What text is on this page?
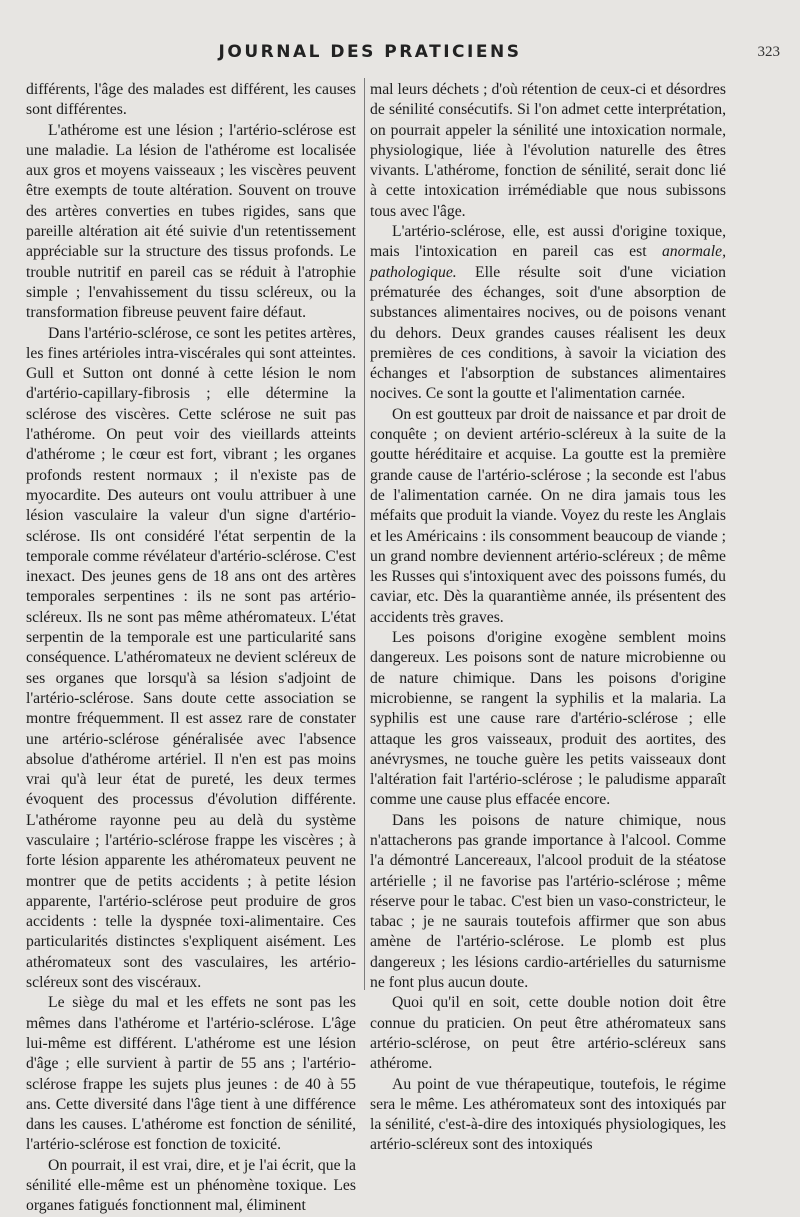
JOURNAL DES PRATICIENS	323

différents, l'âge des malades est différent, les causes sont différentes.

L'athérome est une lésion ; l'artério-sclérose est une maladie. La lésion de l'athérome est localisée aux gros et moyens vaisseaux ; les viscères peuvent être exempts de toute altération. Souvent on trouve des artères converties en tubes rigides, sans que pareille altération ait été suivie d'un retentissement appréciable sur la structure des tissus profonds. Le trouble nutritif en pareil cas se réduit à l'atrophie simple ; l'envahissement du tissu scléreux, ou la transformation fibreuse peuvent faire défaut.

Dans l'artério-sclérose, ce sont les petites artères, les fines artérioles intra-viscérales qui sont atteintes. Gull et Sutton ont donné à cette lésion le nom d'artério-capillary-fibrosis ; elle détermine la sclérose des viscères. Cette sclérose ne suit pas l'athérome. On peut voir des vieillards atteints d'athérome ; le cœur est fort, vibrant ; les organes profonds restent normaux ; il n'existe pas de myocardite. Des auteurs ont voulu attribuer à une lésion vasculaire la valeur d'un signe d'artério-sclérose. Ils ont considéré l'état serpentin de la temporale comme révélateur d'artério-sclérose. C'est inexact. Des jeunes gens de 18 ans ont des artères temporales serpentines : ils ne sont pas artério-scléreux. Ils ne sont pas même athéromateux. L'état serpentin de la temporale est une particularité sans conséquence. L'athéromateux ne devient scléreux de ses organes que lorsqu'à sa lésion s'adjoint de l'artério-sclérose. Sans doute cette association se montre fréquemment. Il est assez rare de constater une artério-sclérose généralisée avec l'absence absolue d'athérome artériel. Il n'en est pas moins vrai qu'à leur état de pureté, les deux termes évoquent des processus d'évolution différente. L'athérome rayonne peu au delà du système vasculaire ; l'artério-sclérose frappe les viscères ; à forte lésion apparente les athéromateux peuvent ne montrer que de petits accidents ; à petite lésion apparente, l'artério-sclérose peut produire de gros accidents : telle la dyspnée toxi-alimentaire. Ces particularités distinctes s'expliquent aisément. Les athéromateux sont des vasculaires, les artério-scléreux sont des viscéraux.

Le siège du mal et les effets ne sont pas les mêmes dans l'athérome et l'artério-sclérose. L'âge lui-même est différent. L'athérome est une lésion d'âge ; elle survient à partir de 55 ans ; l'artério-sclérose frappe les sujets plus jeunes : de 40 à 55 ans. Cette diversité dans l'âge tient à une différence dans les causes. L'athérome est fonction de sénilité, l'artério-sclérose est fonction de toxicité.

On pourrait, il est vrai, dire, et je l'ai écrit, que la sénilité elle-même est un phénomène toxique. Les organes fatigués fonctionnent mal, éliminent

mal leurs déchets ; d'où rétention de ceux-ci et désordres de sénilité consécutifs. Si l'on admet cette interprétation, on pourrait appeler la sénilité une intoxication normale, physiologique, liée à l'évolution naturelle des êtres vivants. L'athérome, fonction de sénilité, serait donc lié à cette intoxication irrémédiable que nous subissons tous avec l'âge.

L'artério-sclérose, elle, est aussi d'origine toxique, mais l'intoxication en pareil cas est anormale, pathologique. Elle résulte soit d'une viciation prématurée des échanges, soit d'une absorption de substances alimentaires nocives, ou de poisons venant du dehors. Deux grandes causes réalisent les deux premières de ces conditions, à savoir la viciation des échanges et l'absorption de substances alimentaires nocives. Ce sont la goutte et l'alimentation carnée.

On est goutteux par droit de naissance et par droit de conquête ; on devient artério-scléreux à la suite de la goutte héréditaire et acquise. La goutte est la première grande cause de l'artério-sclérose ; la seconde est l'abus de l'alimentation carnée. On ne dira jamais tous les méfaits que produit la viande. Voyez du reste les Anglais et les Américains : ils consomment beaucoup de viande ; un grand nombre deviennent artério-scléreux ; de même les Russes qui s'intoxiquent avec des poissons fumés, du caviar, etc. Dès la quarantième année, ils présentent des accidents très graves.

Les poisons d'origine exogène semblent moins dangereux. Les poisons sont de nature microbienne ou de nature chimique. Dans les poisons d'origine microbienne, se rangent la syphilis et la malaria. La syphilis est une cause rare d'artério-sclérose ; elle attaque les gros vaisseaux, produit des aortites, des anévrysmes, ne touche guère les petits vaisseaux dont l'altération fait l'artério-sclérose ; le paludisme apparaît comme une cause plus effacée encore.

Dans les poisons de nature chimique, nous n'attacherons pas grande importance à l'alcool. Comme l'a démontré Lancereaux, l'alcool produit de la stéatose artérielle ; il ne favorise pas l'artério-sclérose ; même réserve pour le tabac. C'est bien un vaso-constricteur, le tabac ; je ne saurais toutefois affirmer que son abus amène de l'artério-sclérose. Le plomb est plus dangereux ; les lésions cardio-artérielles du saturnisme ne font plus aucun doute.

Quoi qu'il en soit, cette double notion doit être connue du praticien. On peut être athéromateux sans artério-sclérose, on peut être artério-scléreux sans athérome.

Au point de vue thérapeutique, toutefois, le régime sera le même. Les athéromateux sont des intoxiqués par la sénilité, c'est-à-dire des intoxiqués physiologiques, les artério-scléreux sont des intoxiqués
